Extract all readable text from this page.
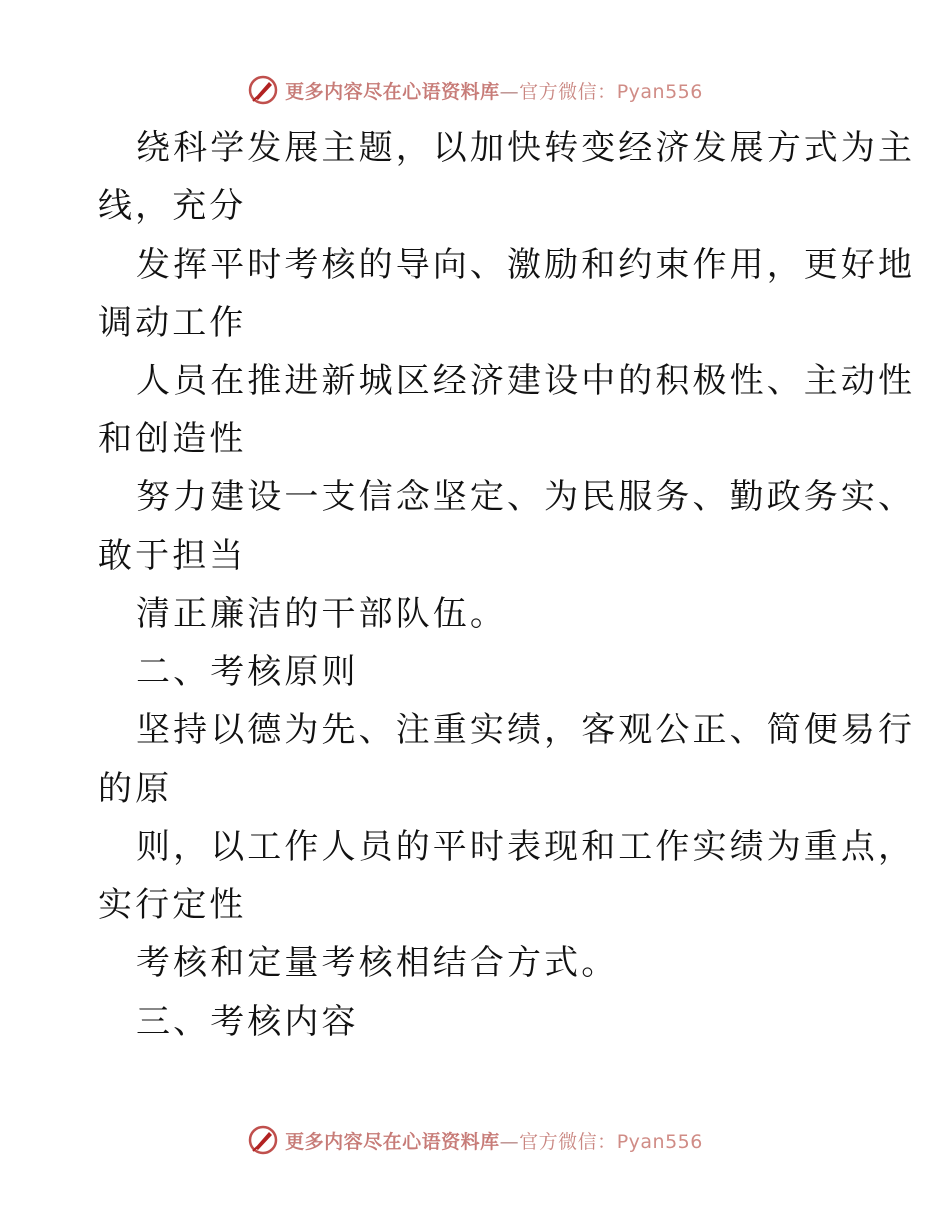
更多内容尽在心语资料库—官方微信：Pyan556
绕科学发展主题，以加快转变经济发展方式为主
线，充分
发挥平时考核的导向、激励和约束作用，更好地
调动工作
人员在推进新城区经济建设中的积极性、主动性
和创造性
努力建设一支信念坚定、为民服务、勤政务实、
敢于担当
清正廉洁的干部队伍。
二、考核原则
坚持以德为先、注重实绩，客观公正、简便易行
的原
则，以工作人员的平时表现和工作实绩为重点，
实行定性
考核和定量考核相结合方式。
三、考核内容
更多内容尽在心语资料库—官方微信：Pyan556
